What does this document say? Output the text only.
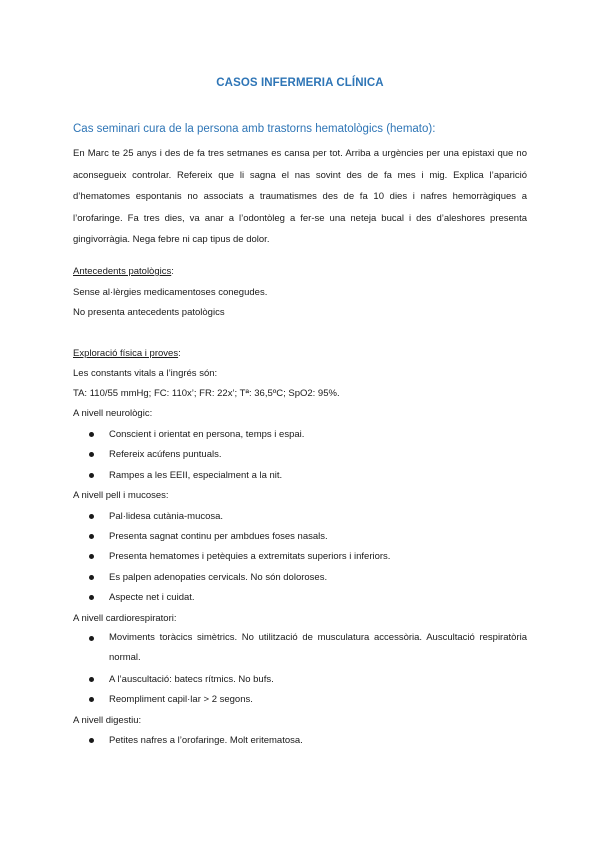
CASOS INFERMERIA CLÍNICA
Cas seminari cura de la persona amb trastorns hematològics (hemato):
En Marc te 25 anys i des de fa tres setmanes es cansa per tot. Arriba a urgències per una epistaxi que no aconsegueix controlar. Refereix que li sagna el nas sovint des de fa mes i mig. Explica l’aparició d’hematomes espontanis no associats a traumatismes des de fa 10 dies i nafres hemorràgiques a l’orofaringe. Fa tres dies, va anar a l’odontòleg a fer-se una neteja bucal i des d’aleshores presenta gingivorràgia. Nega febre ni cap tipus de dolor.
Antecedents patològics:
Sense al·lèrgies medicamentoses conegudes.
No presenta antecedents patològics
Exploració física i proves:
Les constants vitals a l’ingrés són:
TA: 110/55 mmHg; FC: 110x’; FR: 22x’; Tª: 36,5ºC; SpO2: 95%.
A nivell neurològic:
Conscient i orientat en persona, temps i espai.
Refereix acúfens puntuals.
Rampes a les EEII, especialment a la nit.
A nivell pell i mucoses:
Pal·lidesa cutània-mucosa.
Presenta sagnat continu per ambdues foses nasals.
Presenta hematomes i petèquies a extremitats superiors i inferiors.
Es palpen adenopaties cervicals. No són doloroses.
Aspecte net i cuidat.
A nivell cardiorespiratori:
Moviments toràcics simètrics. No utilització de musculatura accessòria. Auscultació respiratòria normal.
A l’auscultació: batecs rítmics. No bufs.
Reompliment capil·lar > 2 segons.
A nivell digestiu:
Petites nafres a l’orofaringe. Molt eritematosa.
